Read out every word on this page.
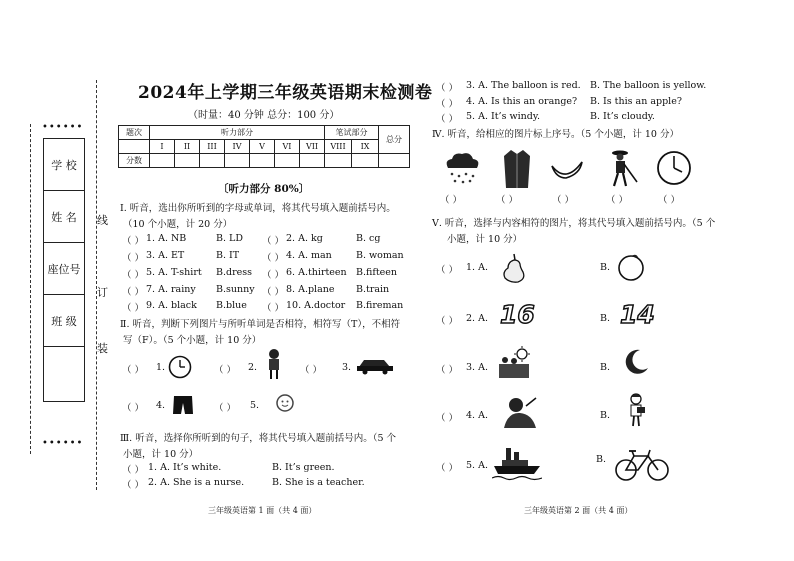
••••••
••••••
学 校
姓 名
座位号
班 级
线
订
装
2024年上学期三年级英语期末检测卷
（时量：40 分钟 总分：100 分）
题次	听力部分							笔试部分		总分
	I	II	III	IV	V	VI	VII	VIII	IX	
分数										
〔听力部分 80%〕
Ⅰ. 听音，选出你所听到的字母或单词，将其代号填入题前括号内。
（10 个小题，计 20 分）
（ ） 1. A. NB	B. LD （ ） 2. A. kg	B. cg
（ ） 3. A. ET	B. IT （ ） 4. A. man	B. woman
（ ） 5. A. T-shirt B.dress （ ） 6. A.thirteen B.fifteen
（ ） 7. A. rainy B.sunny （ ） 8. A.plane B.train
（ ） 9. A. black B.blue （ ） 10. A.doctor B.fireman
Ⅱ. 听音，判断下列图片与所听单词是否相符，相符写（T），不相符
写（F）。（5 个小题，计 10 分）
（ ） 1.	（ ） 2.	（ ） 3.
（ ） 4.	（ ） 5.
Ⅲ. 听音，选择你所听到的句子，将其代号填入题前括号内。（5 个
小题，计 10 分）
（ ） 1. A. It’s white.	B. It’s green.
（ ） 2. A. She is a nurse.	B. She is a teacher.
三年级英语第 1 面（共 4 面）
（ ） 3. A. The balloon is red. B. The balloon is yellow.
（ ） 4. A. Is this an orange? B. Is this an apple?
（ ） 5. A. It’s windy.	B. It’s cloudy.
Ⅳ. 听音，给相应的图片标上序号。（5 个小题，计 10 分）
（ ）	（ ）	（ ）	（ ）	（ ）
Ⅴ. 听音，选择与内容相符的图片，将其代号填入题前括号内。（5 个
小题，计 10 分）
（ ） 1. A.	B.
（ ） 2. A. 16	B. 14
（ ） 3. A.	B.
（ ） 4. A.	B.
（ ） 5. A.
B.
三年级英语第 2 面（共 4 面）
